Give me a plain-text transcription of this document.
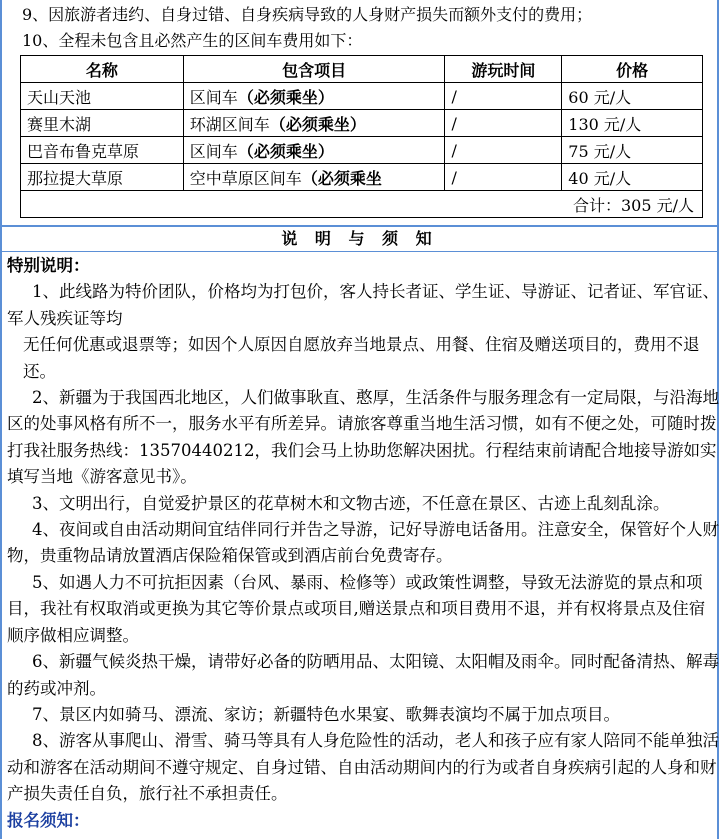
9、因旅游者违约、自身过错、自身疾病导致的人身财产损失而额外支付的费用；
10、全程未包含且必然产生的区间车费用如下：
名称	包含项目	游玩时间	价格
天山天池	区间车（必须乘坐）	/	60 元/人
赛里木湖	环湖区间车（必须乘坐）	/	130 元/人
巴音布鲁克草原	区间车（必须乘坐）	/	75 元/人
那拉提大草原	空中草原区间车（必须乘坐	/	40 元/人
合计：305 元/人			
说 明 与 须 知

特别说明：

1、此线路为特价团队，价格均为打包价，客人持长者证、学生证、导游证、记者证、军官证、军人残疾证等均

无任何优惠或退票等；如因个人原因自愿放弃当地景点、用餐、住宿及赠送项目的，费用不退还。

2、新疆为于我国西北地区，人们做事耿直、憨厚，生活条件与服务理念有一定局限，与沿海地区的处事风格有所不一，服务水平有所差异。请旅客尊重当地生活习惯，如有不便之处，可随时拨打我社服务热线：13570440212，我们会马上协助您解决困扰。行程结束前请配合地接导游如实填写当地《游客意见书》。

3、文明出行，自觉爱护景区的花草树木和文物古迹，不任意在景区、古迹上乱刻乱涂。

4、夜间或自由活动期间宜结伴同行并告之导游，记好导游电话备用。注意安全，保管好个人财物，贵重物品请放置酒店保险箱保管或到酒店前台免费寄存。

5、如遇人力不可抗拒因素（台风、暴雨、检修等）或政策性调整，导致无法游览的景点和项目，我社有权取消或更换为其它等价景点或项目,赠送景点和项目费用不退，并有权将景点及住宿顺序做相应调整。

6、新疆气候炎热干燥，请带好必备的防晒用品、太阳镜、太阳帽及雨伞。同时配备清热、解毒的药或冲剂。

7、景区内如骑马、漂流、家访；新疆特色水果宴、歌舞表演均不属于加点项目。

8、游客从事爬山、滑雪、骑马等具有人身危险性的活动，老人和孩子应有家人陪同不能单独活动和游客在活动期间不遵守规定、自身过错、自由活动期间内的行为或者自身疾病引起的人身和财产损失责任自负，旅行社不承担责任。

报名须知：
